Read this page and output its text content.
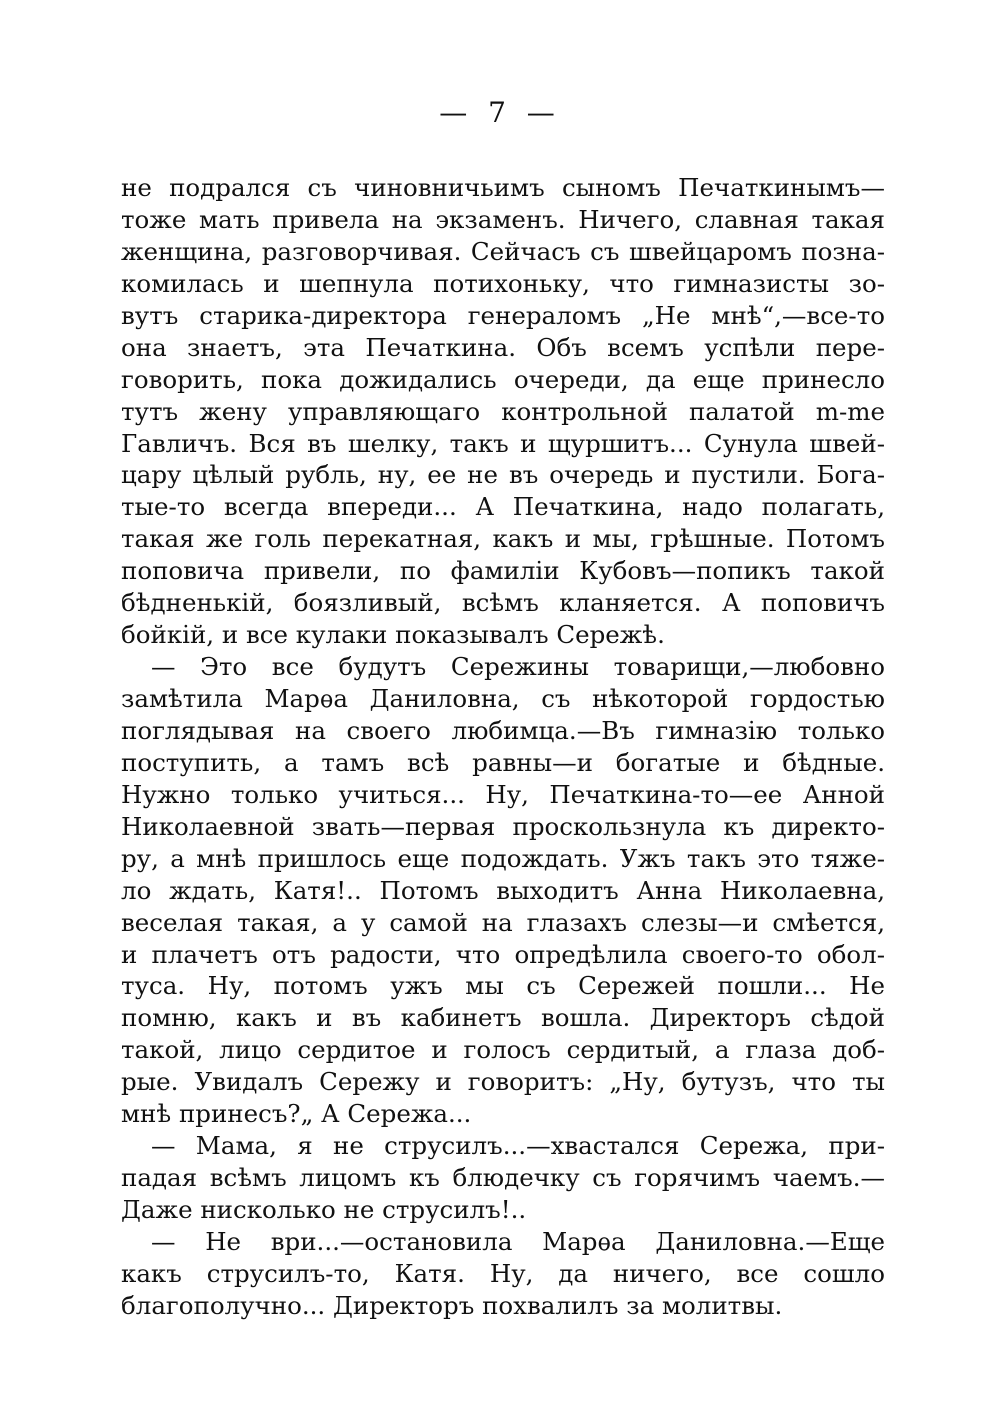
— 7 —
не подрался съ чиновничьимъ сыномъ Печаткинымъ—
тоже мать привела на экзаменъ. Ничего, славная такая
женщина, разговорчивая. Сейчасъ съ швейцаромъ позна-
комилась и шепнула потихоньку, что гимназисты зо-
вутъ старика-директора генераломъ „Не мнѣ“,—все-то
она знаетъ, эта Печаткина. Объ всемъ успѣли пере-
говорить, пока дожидались очереди, да еще принесло
тутъ жену управляющаго контрольной палатой m-me
Гавличъ. Вся въ шелку, такъ и щуршитъ... Сунула швей-
цару цѣлый рубль, ну, ее не въ очередь и пустили. Бога-
тые-то всегда впереди... А Печаткина, надо полагать,
такая же голь перекатная, какъ и мы, грѣшные. Потомъ
поповича привели, по фамиліи Кубовъ—попикъ такой
бѣдненькій, боязливый, всѣмъ кланяется. А поповичъ
бойкій, и все кулаки показывалъ Сережѣ.
— Это все будутъ Сережины товарищи,—любовно
замѣтила Марѳа Даниловна, съ нѣкоторой гордостью
поглядывая на своего любимца.—Въ гимназію только
поступить, а тамъ всѣ равны—и богатые и бѣдные.
Нужно только учиться... Ну, Печаткина-то—ее Анной
Николаевной звать—первая проскользнула къ директо-
ру, а мнѣ пришлось еще подождать. Ужъ такъ это тяже-
ло ждать, Катя!.. Потомъ выходитъ Анна Николаевна,
веселая такая, а у самой на глазахъ слезы—и смѣется,
и плачетъ отъ радости, что опредѣлила своего-то обол-
туса. Ну, потомъ ужъ мы съ Сережей пошли... Не
помню, какъ и въ кабинетъ вошла. Директоръ сѣдой
такой, лицо сердитое и голосъ сердитый, а глаза доб-
рые. Увидалъ Сережу и говоритъ: „Ну, бутузъ, что ты
мнѣ принесъ?„ А Сережа...
— Мама, я не струсилъ...—хвастался Сережа, при-
падая всѣмъ лицомъ къ блюдечку съ горячимъ чаемъ.—
Даже нисколько не струсилъ!..
— Не ври...—остановила Марѳа Даниловна.—Еще
какъ струсилъ-то, Катя. Ну, да ничего, все сошло
благополучно... Директоръ похвалилъ за молитвы.
